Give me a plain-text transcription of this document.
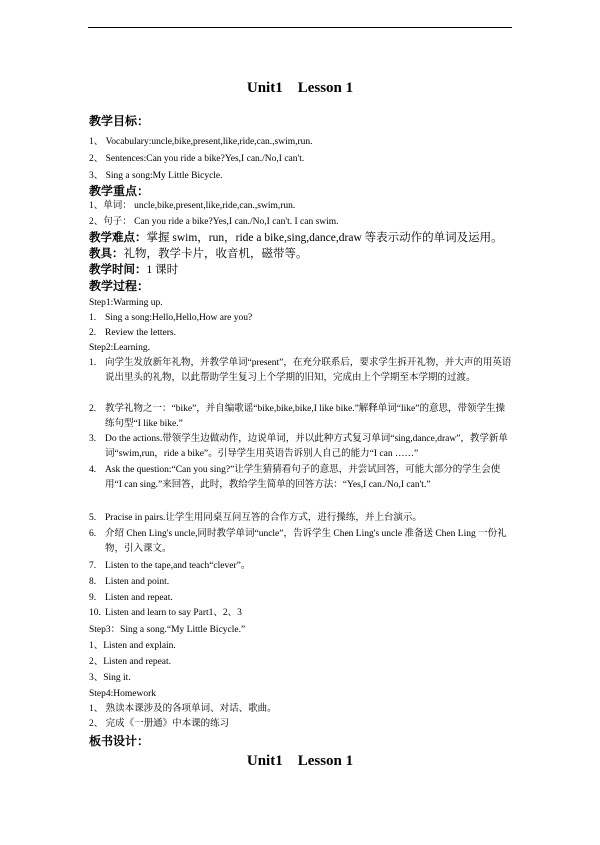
Unit1    Lesson 1
教学目标：
1、 Vocabulary:uncle,bike,present,like,ride,can.,swim,run.
2、 Sentences:Can you ride a bike?Yes,I can./No,I can't.
3、 Sing a song:My Little Bicycle.
教学重点：
1、单词： uncle,bike,present,like,ride,can.,swim,run.
2、句子： Can you ride a bike?Yes,I can./No,I can't. I can swim.
教学难点：掌握 swim，run，ride a bike,sing,dance,draw 等表示动作的单词及运用。
教具：礼物，教学卡片，收音机，磁带等。
教学时间：1 课时
教学过程：
Step1:Warming up.
1. Sing a song:Hello,Hello,How are you?
2. Review the letters.
Step2:Learning.
1. 向学生发放新年礼物，并教学单词“present”，在充分联系后，要求学生拆开礼物，并大声的用英语说出里头的礼物，以此帮助学生复习上个学期的旧知，完成由上个学期至本学期的过渡。
2. 教学礼物之一：“bike”，并自编歌谣“bike,bike,bike,I like bike.”解释单词“like”的意思，带领学生操练句型“I like bike.”
3. Do the actions.带领学生边做动作，边说单词，并以此种方式复习单词“sing,dance,draw”，教学新单词“swim,run，ride a bike”。引导学生用英语告诉别人自己的能力“I can ……”
4. Ask the question:“Can you sing?”让学生猜猜看句子的意思，并尝试回答，可能大部分的学生会使用“I can sing.”来回答，此时，教给学生简单的回答方法：“Yes,I can./No,I can't.”
5. Pracise in pairs.让学生用同桌互问互答的合作方式，进行操练，并上台演示。
6. 介绍 Chen Ling's uncle,同时教学单词“uncle”，告诉学生 Chen Ling's uncle 准备送 Chen Ling 一份礼物，引入课文。
7. Listen to the tape,and teach“clever”。
8. Listen and point.
9. Listen and repeat.
10. Listen and learn to say Part1、2、3
Step3：Sing a song.“My Little Bicycle.”
1、Listen and explain.
2、Listen and repeat.
3、Sing it.
Step4:Homework
1、 熟读本课涉及的各项单词、对话、歌曲。
2、 完成《一册通》中本课的练习
板书设计：
Unit1    Lesson 1
